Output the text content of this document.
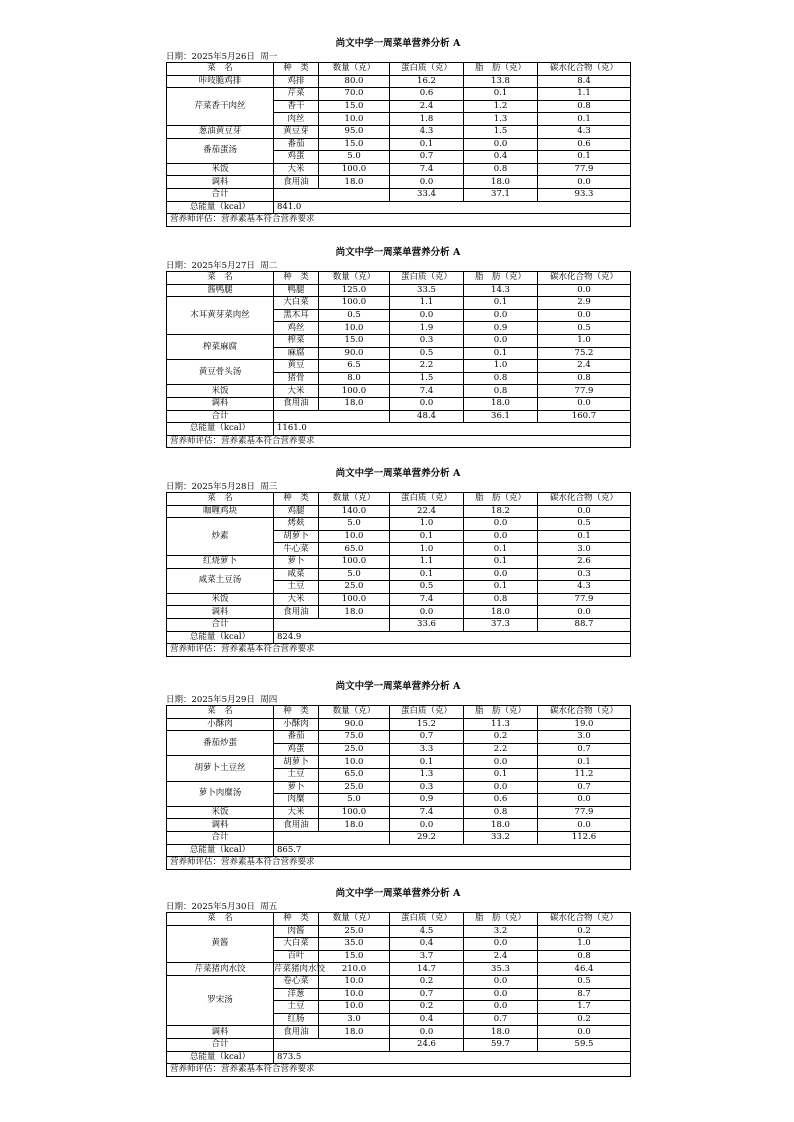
尚文中学一周菜单营养分析 A
日期：2025年5月26日  周一
菜　名	种　类	数量（克）	蛋白质（克）	脂　肪（克）	碳水化合物（克）
咔吱脆鸡排	鸡排	80.0	16.2	13.8	8.4
芹菜香干肉丝	芹菜	70.0	0.6	0.1	1.1
	香干	15.0	2.4	1.2	0.8
	肉丝	10.0	1.8	1.3	0.1
葱油黄豆芽	黄豆芽	95.0	4.3	1.5	4.3
番茄蛋汤	番茄	15.0	0.1	0.0	0.6
	鸡蛋	5.0	0.7	0.4	0.1
米饭	大米	100.0	7.4	0.8	77.9
调料	食用油	18.0	0.0	18.0	0.0
合计			33.4	37.1	93.3
总能量（kcal）	841.0				
营养师评估：营养素基本符合营养要求					
尚文中学一周菜单营养分析 A
日期：2025年5月27日  周二
菜　名	种　类	数量（克）	蛋白质（克）	脂　肪（克）	碳水化合物（克）
酱鸭腿	鸭腿	125.0	33.5	14.3	0.0
木耳黄芽菜肉丝	大白菜	100.0	1.1	0.1	2.9
	黑木耳	0.5	0.0	0.0	0.0
	鸡丝	10.0	1.9	0.9	0.5
榨菜麻腐	榨菜	15.0	0.3	0.0	1.0
	麻腐	90.0	0.5	0.1	75.2
黄豆骨头汤	黄豆	6.5	2.2	1.0	2.4
	猪骨	8.0	1.5	0.8	0.8
米饭	大米	100.0	7.4	0.8	77.9
调料	食用油	18.0	0.0	18.0	0.0
合计			48.4	36.1	160.7
总能量（kcal）	1161.0				
营养师评估：营养素基本符合营养要求					
尚文中学一周菜单营养分析 A
日期：2025年5月28日  周三
菜　名	种　类	数量（克）	蛋白质（克）	脂　肪（克）	碳水化合物（克）
咖喱鸡块	鸡腿	140.0	22.4	18.2	0.0
炒素	烤麸	5.0	1.0	0.0	0.5
	胡萝卜	10.0	0.1	0.0	0.1
	牛心菜	65.0	1.0	0.1	3.0
红烧萝卜	萝卜	100.0	1.1	0.1	2.6
咸菜土豆汤	咸菜	5.0	0.1	0.0	0.3
	土豆	25.0	0.5	0.1	4.3
米饭	大米	100.0	7.4	0.8	77.9
调料	食用油	18.0	0.0	18.0	0.0
合计			33.6	37.3	88.7
总能量（kcal）	824.9				
营养师评估：营养素基本符合营养要求					
尚文中学一周菜单营养分析 A
日期：2025年5月29日  周四
菜　名	种　类	数量（克）	蛋白质（克）	脂　肪（克）	碳水化合物（克）
小酥肉	小酥肉	90.0	15.2	11.3	19.0
番茄炒蛋	番茄	75.0	0.7	0.2	3.0
	鸡蛋	25.0	3.3	2.2	0.7
胡萝卜土豆丝	胡萝卜	10.0	0.1	0.0	0.1
	土豆	65.0	1.3	0.1	11.2
萝卜肉糜汤	萝卜	25.0	0.3	0.0	0.7
	肉糜	5.0	0.9	0.6	0.0
米饭	大米	100.0	7.4	0.8	77.9
调料	食用油	18.0	0.0	18.0	0.0
合计			29.2	33.2	112.6
总能量（kcal）	865.7				
营养师评估：营养素基本符合营养要求					
尚文中学一周菜单营养分析 A
日期：2025年5月30日  周五
菜　名	种　类	数量（克）	蛋白质（克）	脂　肪（克）	碳水化合物（克）
黄酱	肉酱	25.0	4.5	3.2	0.2
	大白菜	35.0	0.4	0.0	1.0
	百叶	15.0	3.7	2.4	0.8
芹菜猪肉水饺	芹菜猪肉水饺	210.0	14.7	35.3	46.4
罗宋汤	卷心菜	10.0	0.2	0.0	0.5
	洋葱	10.0	0.7	0.0	8.7
	土豆	10.0	0.2	0.0	1.7
	红肠	3.0	0.4	0.7	0.2
调料	食用油	18.0	0.0	18.0	0.0
合计			24.6	59.7	59.5
总能量（kcal）	873.5				
营养师评估：营养素基本符合营养要求					
